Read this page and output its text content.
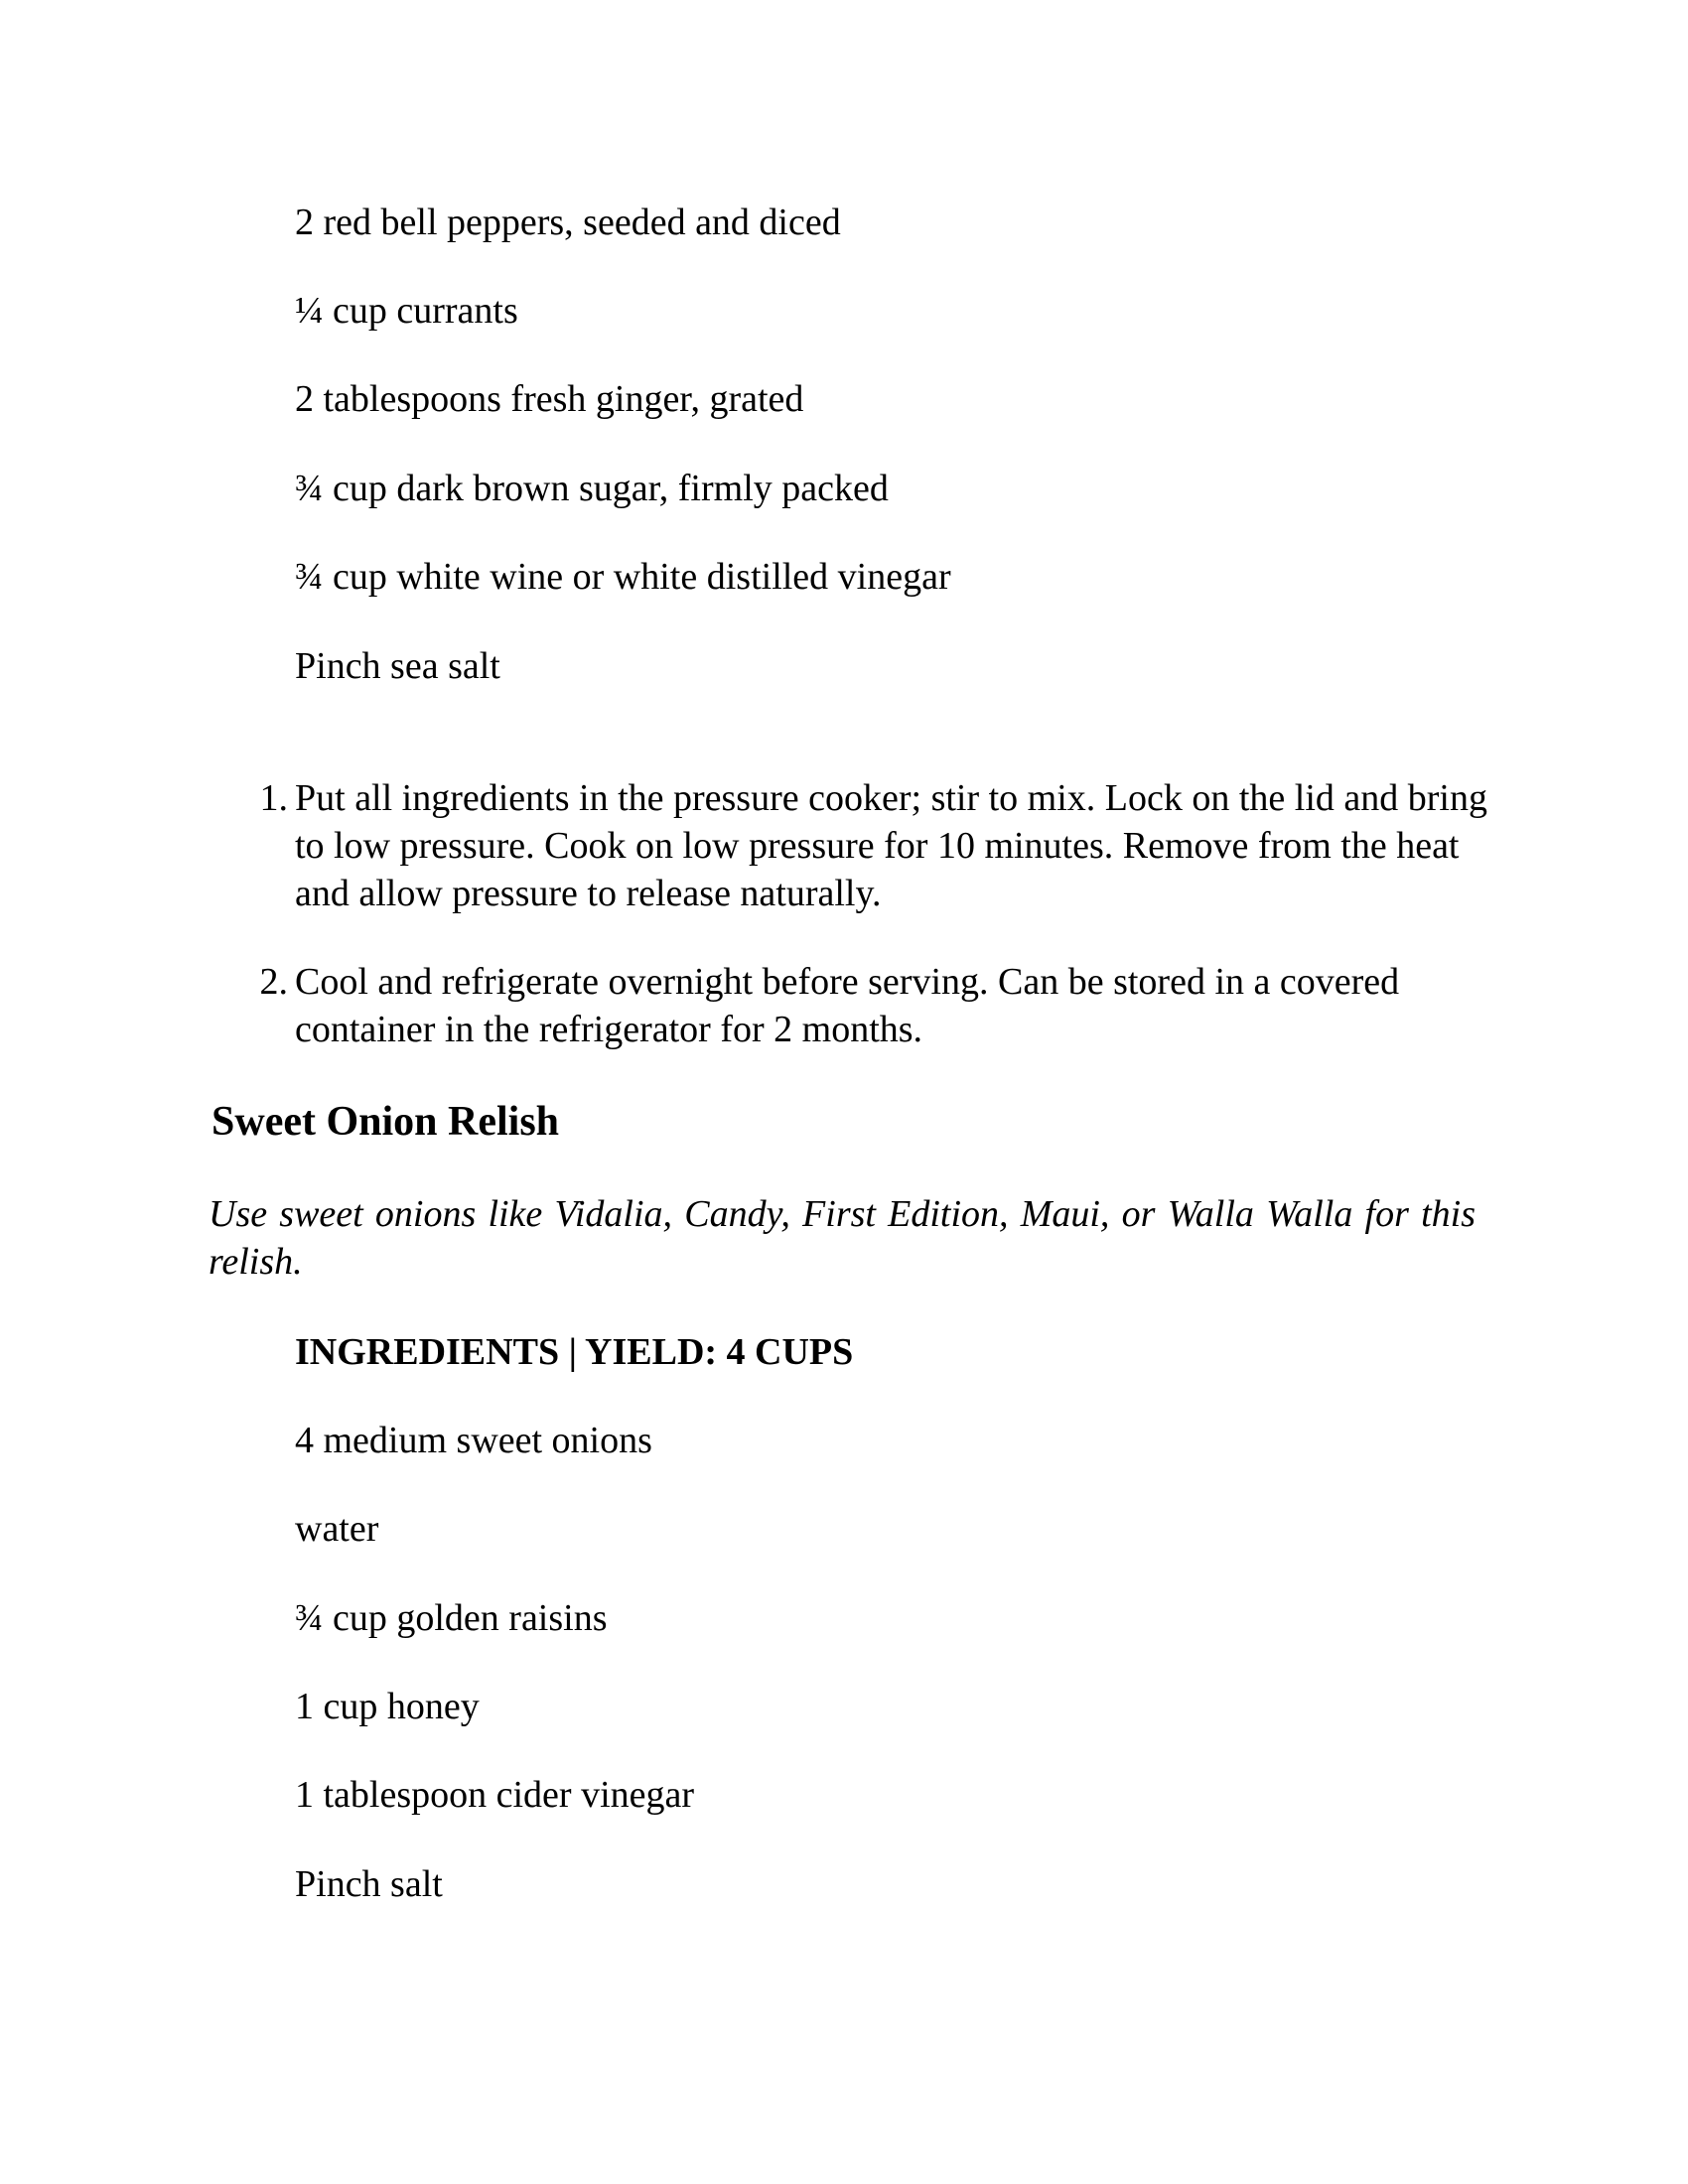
2 red bell peppers, seeded and diced
¼ cup currants
2 tablespoons fresh ginger, grated
¾ cup dark brown sugar, firmly packed
¾ cup white wine or white distilled vinegar
Pinch sea salt
1. Put all ingredients in the pressure cooker; stir to mix. Lock on the lid and bring to low pressure. Cook on low pressure for 10 minutes. Remove from the heat and allow pressure to release naturally.
2. Cool and refrigerate overnight before serving. Can be stored in a covered container in the refrigerator for 2 months.
Sweet Onion Relish
Use sweet onions like Vidalia, Candy, First Edition, Maui, or Walla Walla for this relish.
INGREDIENTS | YIELD: 4 CUPS
4 medium sweet onions
water
¾ cup golden raisins
1 cup honey
1 tablespoon cider vinegar
Pinch salt
